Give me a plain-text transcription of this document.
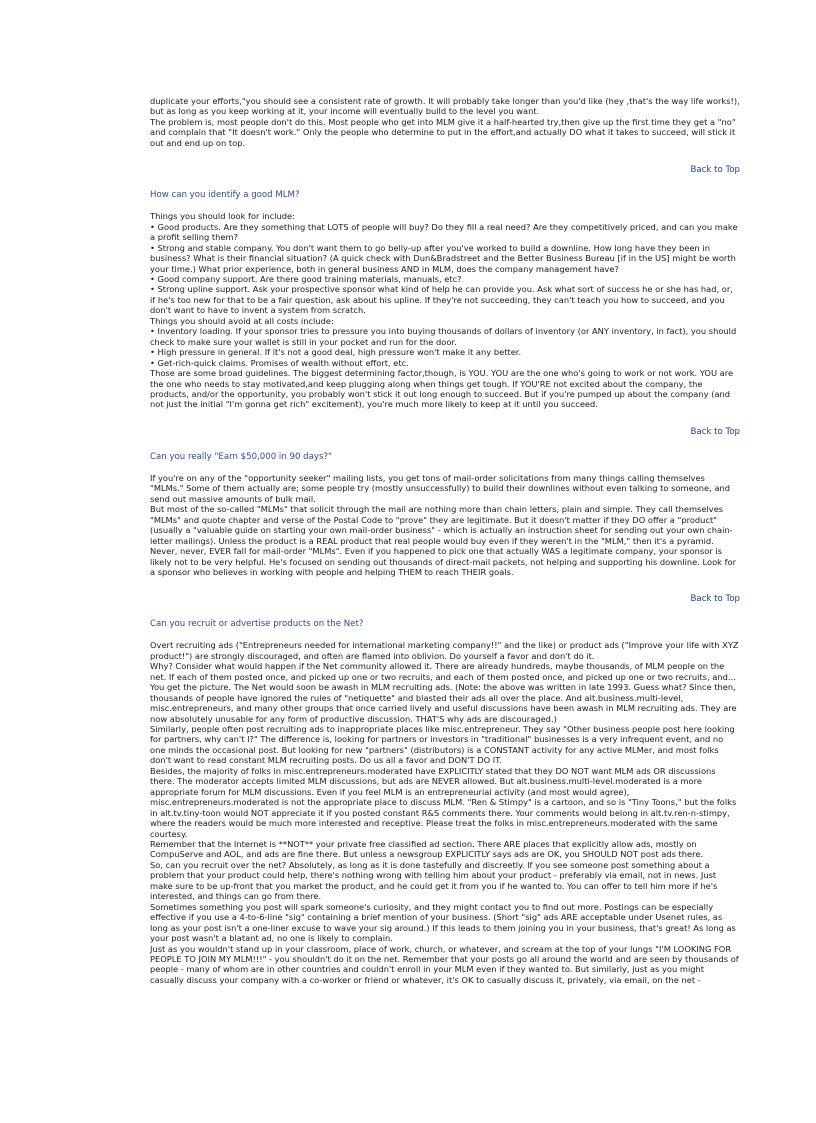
duplicate your efforts,"you should see a consistent rate of growth. It will probably take longer than you'd like (hey ,that's the way life works!), but as long as you keep working at it, your income will eventually build to the level you want.

The problem is, most people don't do this. Most people who get into MLM give it a half-hearted try,then give up the first time they get a "no" and complain that "It doesn't work." Only the people who determine to put in the effort,and actually DO what it takes to succeed, will stick it out and end up on top.

Back to Top

How can you identify a good MLM?

Things you should look for include:

• Good products. Are they something that LOTS of people will buy? Do they fill a real need? Are they competitively priced, and can you make a profit selling them?

• Strong and stable company. You don't want them to go belly-up after you've worked to build a downline. How long have they been in business? What is their financial situation? (A quick check with Dun&Bradstreet and the Better Business Bureau [if in the US] might be worth your time.) What prior experience, both in general business AND in MLM, does the company management have?

• Good company support. Are there good training materials, manuals, etc?

• Strong upline support. Ask your prospective sponsor what kind of help he can provide you. Ask what sort of success he or she has had, or, if he's too new for that to be a fair question, ask about his upline. If they're not succeeding, they can't teach you how to succeed, and you don't want to have to invent a system from scratch.

Things you should avoid at all costs include:

• Inventory loading. If your sponsor tries to pressure you into buying thousands of dollars of inventory (or ANY inventory, in fact), you should check to make sure your wallet is still in your pocket and run for the door.

• High pressure in general. If it's not a good deal, high pressure won't make it any better.

• Get-rich-quick claims. Promises of wealth without effort, etc.

Those are some broad guidelines. The biggest determining factor,though, is YOU. YOU are the one who's going to work or not work. YOU are the one who needs to stay motivated,and keep plugging along when things get tough. If YOU'RE not excited about the company, the products, and/or the opportunity, you probably won't stick it out long enough to succeed. But if you're pumped up about the company (and not just the initial "I'm gonna get rich" excitement), you're much more likely to keep at it until you succeed.

Back to Top

Can you really "Earn $50,000 in 90 days?"

If you're on any of the "opportunity seeker" mailing lists, you get tons of mail-order solicitations from many things calling themselves "MLMs." Some of them actually are; some people try (mostly unsuccessfully) to build their downlines without even talking to someone, and send out massive amounts of bulk mail.

But most of the so-called "MLMs" that solicit through the mail are nothing more than chain letters, plain and simple. They call themselves "MLMs" and quote chapter and verse of the Postal Code to "prove" they are legitimate. But it doesn't matter if they DO offer a "product" (usually a "valuable guide on starting your own mail-order business" - which is actually an instruction sheet for sending out your own chain-letter mailings). Unless the product is a REAL product that real people would buy even if they weren't in the "MLM," then it's a pyramid.

Never, never, EVER fall for mail-order "MLMs". Even if you happened to pick one that actually WAS a legitimate company, your sponsor is likely not to be very helpful. He's focused on sending out thousands of direct-mail packets, not helping and supporting his downline. Look for a sponsor who believes in working with people and helping THEM to reach THEIR goals.

Back to Top

Can you recruit or advertise products on the Net?

Overt recruiting ads ("Entrepreneurs needed for international marketing company!!" and the like) or product ads ("Improve your life with XYZ product!") are strongly discouraged, and often are flamed into oblivion. Do yourself a favor and don't do it.

Why? Consider what would happen if the Net community allowed it. There are already hundreds, maybe thousands, of MLM people on the net. If each of them posted once, and picked up one or two recruits, and each of them posted once, and picked up one or two recruits, and... You get the picture. The Net would soon be awash in MLM recruiting ads. (Note: the above was written in late 1993. Guess what? Since then, thousands of people have ignored the rules of "netiquette" and blasted their ads all over the place. And alt.business.multi-level, misc.entrepreneurs, and many other groups that once carried lively and useful discussions have been awash in MLM recruiting ads. They are now absolutely unusable for any form of productive discussion. THAT'S why ads are discouraged.)

Similarly, people often post recruiting ads to inappropriate places like misc.entrepreneur. They say "Other business people post here looking for partners, why can't I?" The difference is, looking for partners or investors in "traditional" businesses is a very infrequent event, and no one minds the occasional post. But looking for new "partners" (distributors) is a CONSTANT activity for any active MLMer, and most folks don't want to read constant MLM recruiting posts. Do us all a favor and DON'T DO IT.

Besides, the majority of folks in misc.entrepreneurs.moderated have EXPLICITLY stated that they DO NOT want MLM ads OR discussions there. The moderator accepts limited MLM discussions, but ads are NEVER allowed. But alt.business.multi-level.moderated is a more appropriate forum for MLM discussions. Even if you feel MLM is an entrepreneurial activity (and most would agree), misc.entrepreneurs.moderated is not the appropriate place to discuss MLM. "Ren & Stimpy" is a cartoon, and so is "Tiny Toons," but the folks in alt.tv.tiny-toon would NOT appreciate it if you posted constant R&S comments there. Your comments would belong in alt.tv.ren-n-stimpy, where the readers would be much more interested and receptive. Please treat the folks in misc.entrepreneurs.moderated with the same courtesy.

Remember that the Internet is **NOT** your private free classified ad section. There ARE places that explicitly allow ads, mostly on CompuServe and AOL, and ads are fine there. But unless a newsgroup EXPLICITLY says ads are OK, you SHOULD NOT post ads there.

So, can you recruit over the net? Absolutely, as long as it is done tastefully and discreetly. If you see someone post something about a problem that your product could help, there's nothing wrong with telling him about your product - preferably via email, not in news. Just make sure to be up-front that you market the product, and he could get it from you if he wanted to. You can offer to tell him more if he's interested, and things can go from there.

Sometimes something you post will spark someone's curiosity, and they might contact you to find out more. Postings can be especially effective if you use a 4-to-6-line "sig" containing a brief mention of your business. (Short "sig" ads ARE acceptable under Usenet rules, as long as your post isn't a one-liner excuse to wave your sig around.) If this leads to them joining you in your business, that's great! As long as your post wasn't a blatant ad, no one is likely to complain.

Just as you wouldn't stand up in your classroom, place of work, church, or whatever, and scream at the top of your lungs "I'M LOOKING FOR PEOPLE TO JOIN MY MLM!!!" - you shouldn't do it on the net. Remember that your posts go all around the world and are seen by thousands of people - many of whom are in other countries and couldn't enroll in your MLM even if they wanted to. But similarly, just as you might casually discuss your company with a co-worker or friend or whatever, it's OK to casually discuss it, privately, via email, on the net -
